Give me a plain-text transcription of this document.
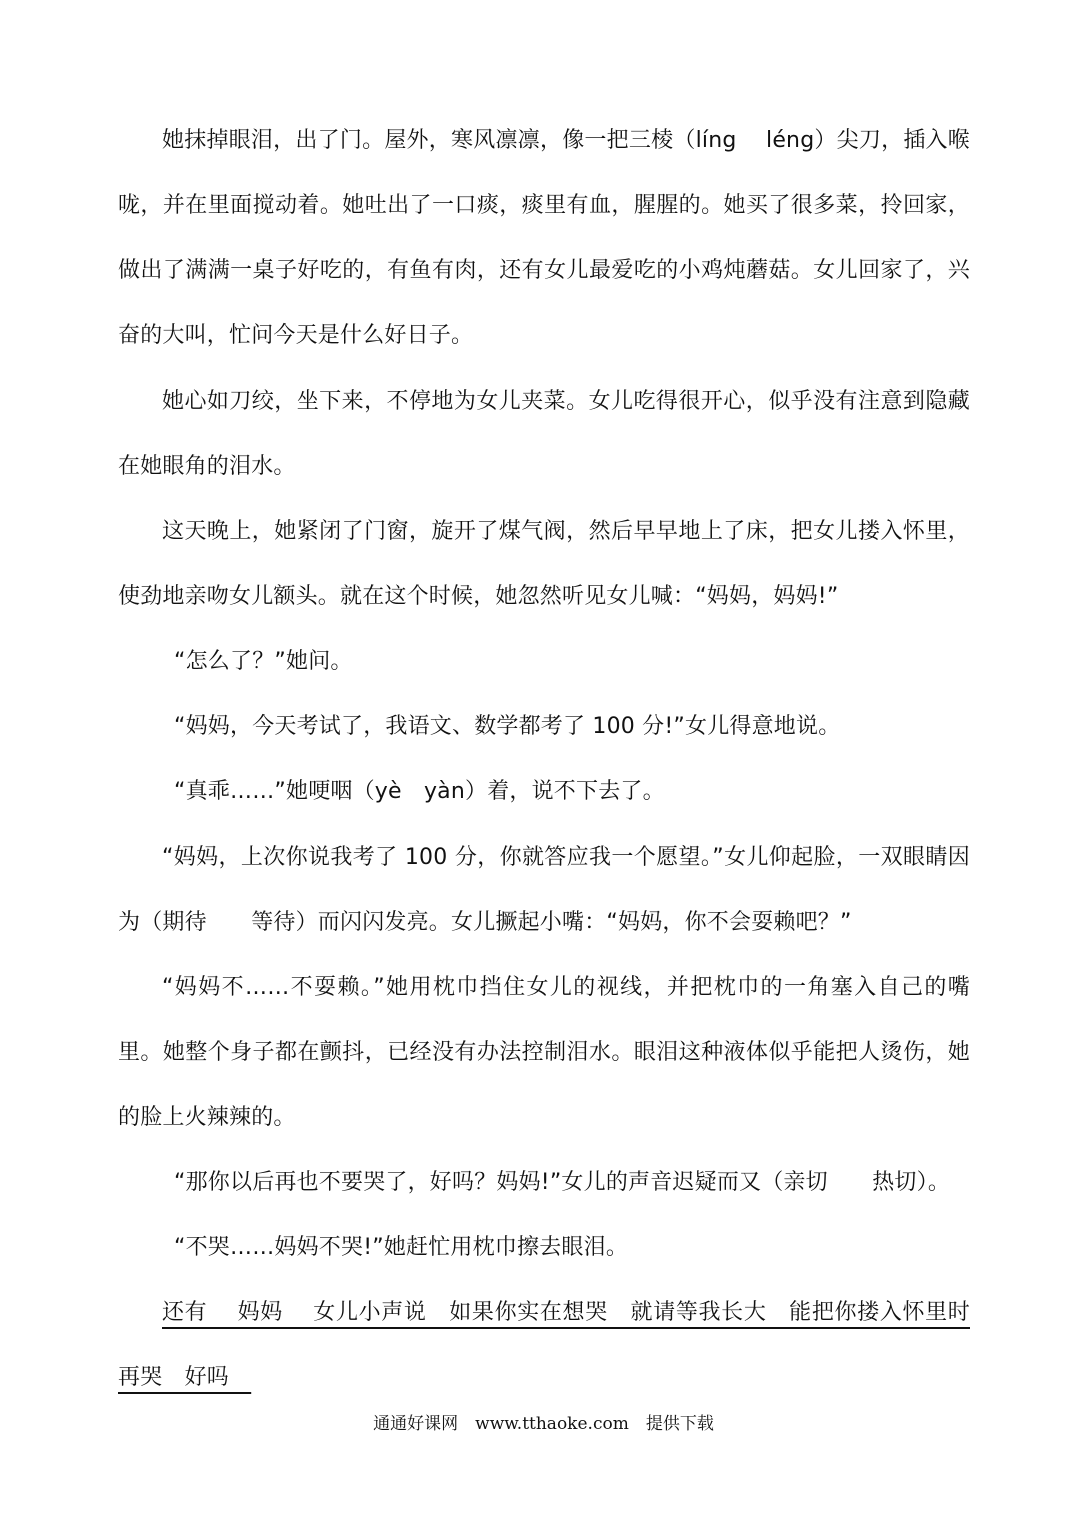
她抹掉眼泪，出了门。屋外，寒风凛凛，像一把三棱（líng　 léng）尖刀，插入喉咙，并在里面搅动着。她吐出了一口痰，痰里有血，腥腥的。她买了很多菜，拎回家，做出了满满一桌子好吃的，有鱼有肉，还有女儿最爱吃的小鸡炖蘑菇。女儿回家了，兴奋的大叫，忙问今天是什么好日子。

她心如刀绞，坐下来，不停地为女儿夹菜。女儿吃得很开心，似乎没有注意到隐藏在她眼角的泪水。

这天晚上，她紧闭了门窗，旋开了煤气阀，然后早早地上了床，把女儿搂入怀里，使劲地亲吻女儿额头。就在这个时候，她忽然听见女儿喊：“妈妈，妈妈!”

“怎么了？”她问。

“妈妈，今天考试了，我语文、数学都考了 100 分!”女儿得意地说。

“真乖……”她哽咽（yè　yàn）着，说不下去了。

“妈妈，上次你说我考了 100 分，你就答应我一个愿望。”女儿仰起脸，一双眼睛因为（期待　　等待）而闪闪发亮。女儿撅起小嘴：“妈妈，你不会耍赖吧？”

“妈妈不……不耍赖。”她用枕巾挡住女儿的视线，并把枕巾的一角塞入自己的嘴里。她整个身子都在颤抖，已经没有办法控制泪水。眼泪这种液体似乎能把人烫伤，她的脸上火辣辣的。

“那你以后再也不要哭了，好吗？妈妈!”女儿的声音迟疑而又（亲切　　热切）。

“不哭……妈妈不哭!”她赶忙用枕巾擦去眼泪。

还有　 妈妈　 女儿小声说　如果你实在想哭　就请等我长大　能把你搂入怀里时再哭　好吗　

通通好课网　www.tthaoke.com　提供下载
